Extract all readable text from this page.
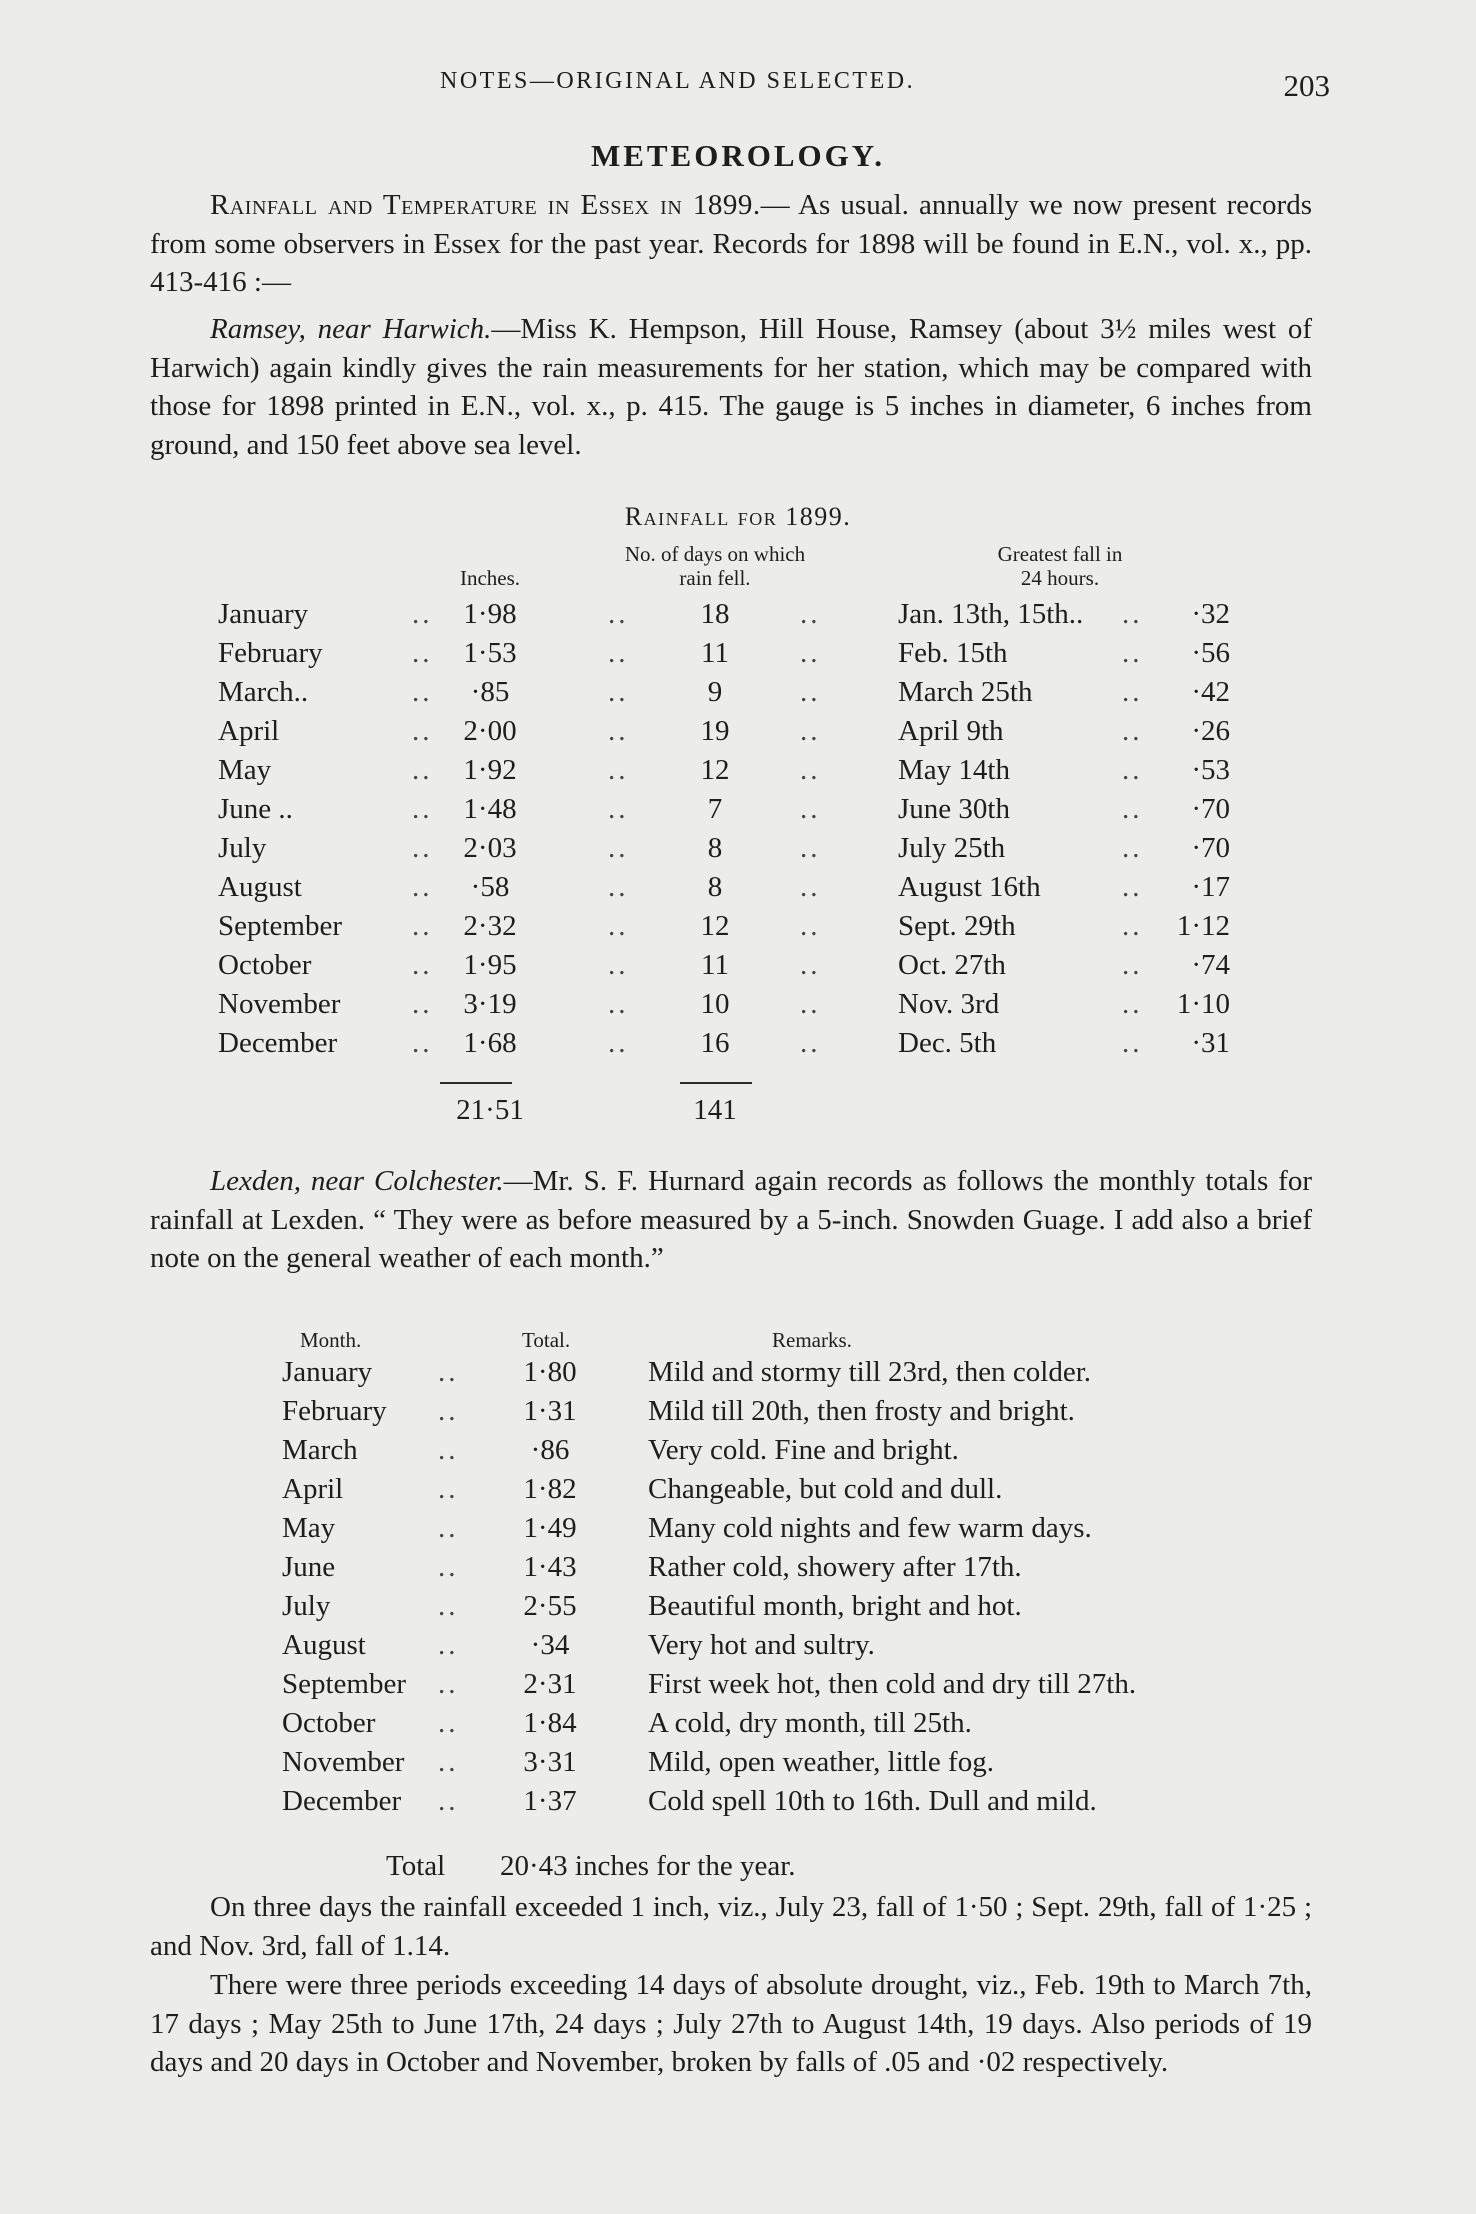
NOTES—ORIGINAL AND SELECTED.	203
METEOROLOGY.

Rainfall and Temperature in Essex in 1899.— As usual. annually we now present records from some observers in Essex for the past year. Records for 1898 will be found in E.N., vol. x., pp. 413-416 :—

Ramsey, near Harwich.—Miss K. Hempson, Hill House, Ramsey (about 3½ miles west of Harwich) again kindly gives the rain measurements for her station, which may be compared with those for 1898 printed in E.N., vol. x., p. 415. The gauge is 5 inches in diameter, 6 inches from ground, and 150 feet above sea level.

Rainfall for 1899.
Inches.
No. of days on which
rain fell.
Greatest fall in
24 hours.
January	..	1·98	..	18	..	Jan. 13th, 15th.. ..	·32
February	..	1·53	..	11	..	Feb. 15th	..	·56
March..	..	·85	..	9	..	March 25th	..	·42
April	..	2·00	..	19	..	April 9th	..	·26
May	..	1·92	..	12	..	May 14th	..	·53
June ..	..	1·48	..	7	..	June 30th	..	·70
July	..	2·03	..	8	..	July 25th	..	·70
August	..	·58	..	8	..	August 16th	..	·17
September ..	2·32	..	12	..	Sept. 29th	..	1·12
October	..	1·95	..	11	..	Oct. 27th	..	·74
November ..	3·19	..	10	..	Nov. 3rd	..	1·10
December	..	1·68	..	16	..	Dec. 5th	..	·31
21·51	141

Lexden, near Colchester.—Mr. S. F. Hurnard again records as follows the monthly totals for rainfall at Lexden. “ They were as before measured by a 5-inch. Snowden Guage. I add also a brief note on the general weather of each month.”

Month.	Total.	Remarks.
January ..	1·80	Mild and stormy till 23rd, then colder.
February ..	1·31	Mild till 20th, then frosty and bright.
March	..	·86	Very cold. Fine and bright.
April	..	1·82	Changeable, but cold and dull.
May	..	1·49	Many cold nights and few warm days.
June	..	1·43	Rather cold, showery after 17th.
July	..	2·55	Beautiful month, bright and hot.
August ..	·34	Very hot and sultry.
September ..	2·31	First week hot, then cold and dry till 27th.
October ..	1·84	A cold, dry month, till 25th.
November ..	3·31	Mild, open weather, little fog.
December ..	1·37	Cold spell 10th to 16th. Dull and mild.
Total 20·43 inches for the year.

On three days the rainfall exceeded 1 inch, viz., July 23, fall of 1·50 ; Sept. 29th, fall of 1·25 ; and Nov. 3rd, fall of 1.14.

There were three periods exceeding 14 days of absolute drought, viz., Feb. 19th to March 7th, 17 days ; May 25th to June 17th, 24 days ; July 27th to August 14th, 19 days. Also periods of 19 days and 20 days in October and November, broken by falls of .05 and ·02 respectively.
